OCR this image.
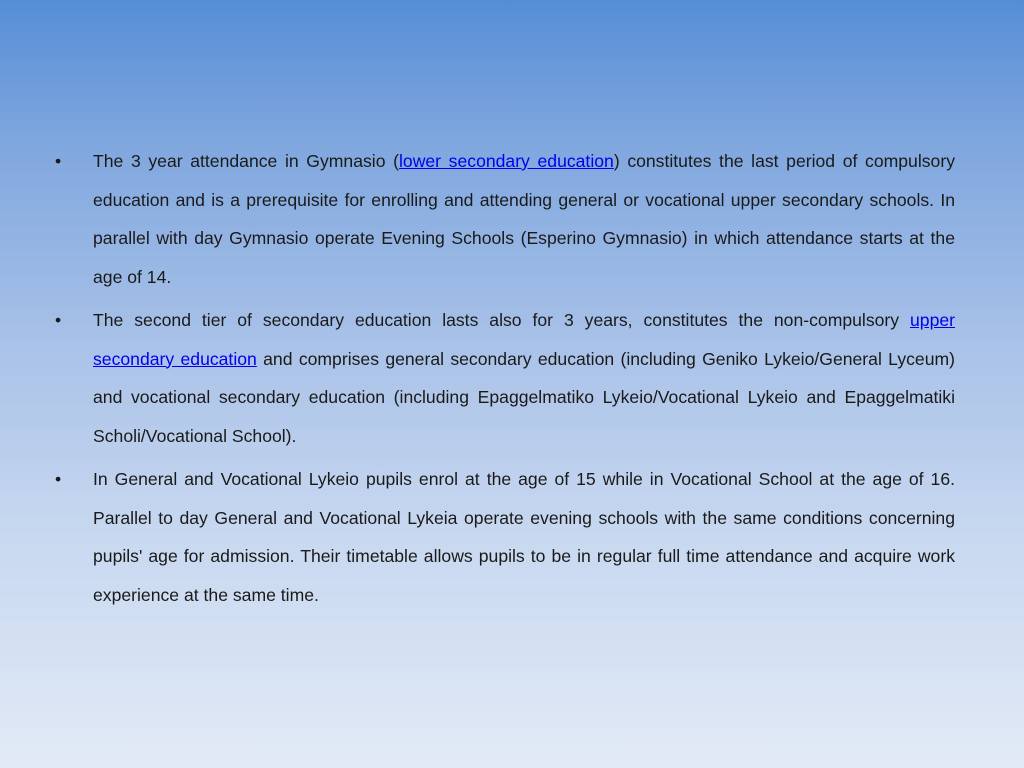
•	The 3 year attendance in Gymnasio (lower secondary education) constitutes the last period of compulsory education and is a prerequisite for enrolling and attending general or vocational upper secondary schools. In parallel with day Gymnasio operate Evening Schools (Esperino Gymnasio) in which attendance starts at the age of 14.
•	The second tier of secondary education lasts also for 3 years, constitutes the non-compulsory upper secondary education and comprises general secondary education (including Geniko Lykeio/General Lyceum) and vocational secondary education (including Epaggelmatiko Lykeio/Vocational Lykeio and Epaggelmatiki Scholi/Vocational School).
•	In General and Vocational Lykeio pupils enrol at the age of 15 while in Vocational School at the age of 16. Parallel to day General and Vocational Lykeia operate evening schools with the same conditions concerning pupils' age for admission. Their timetable allows pupils to be in regular full time attendance and acquire work experience at the same time.
